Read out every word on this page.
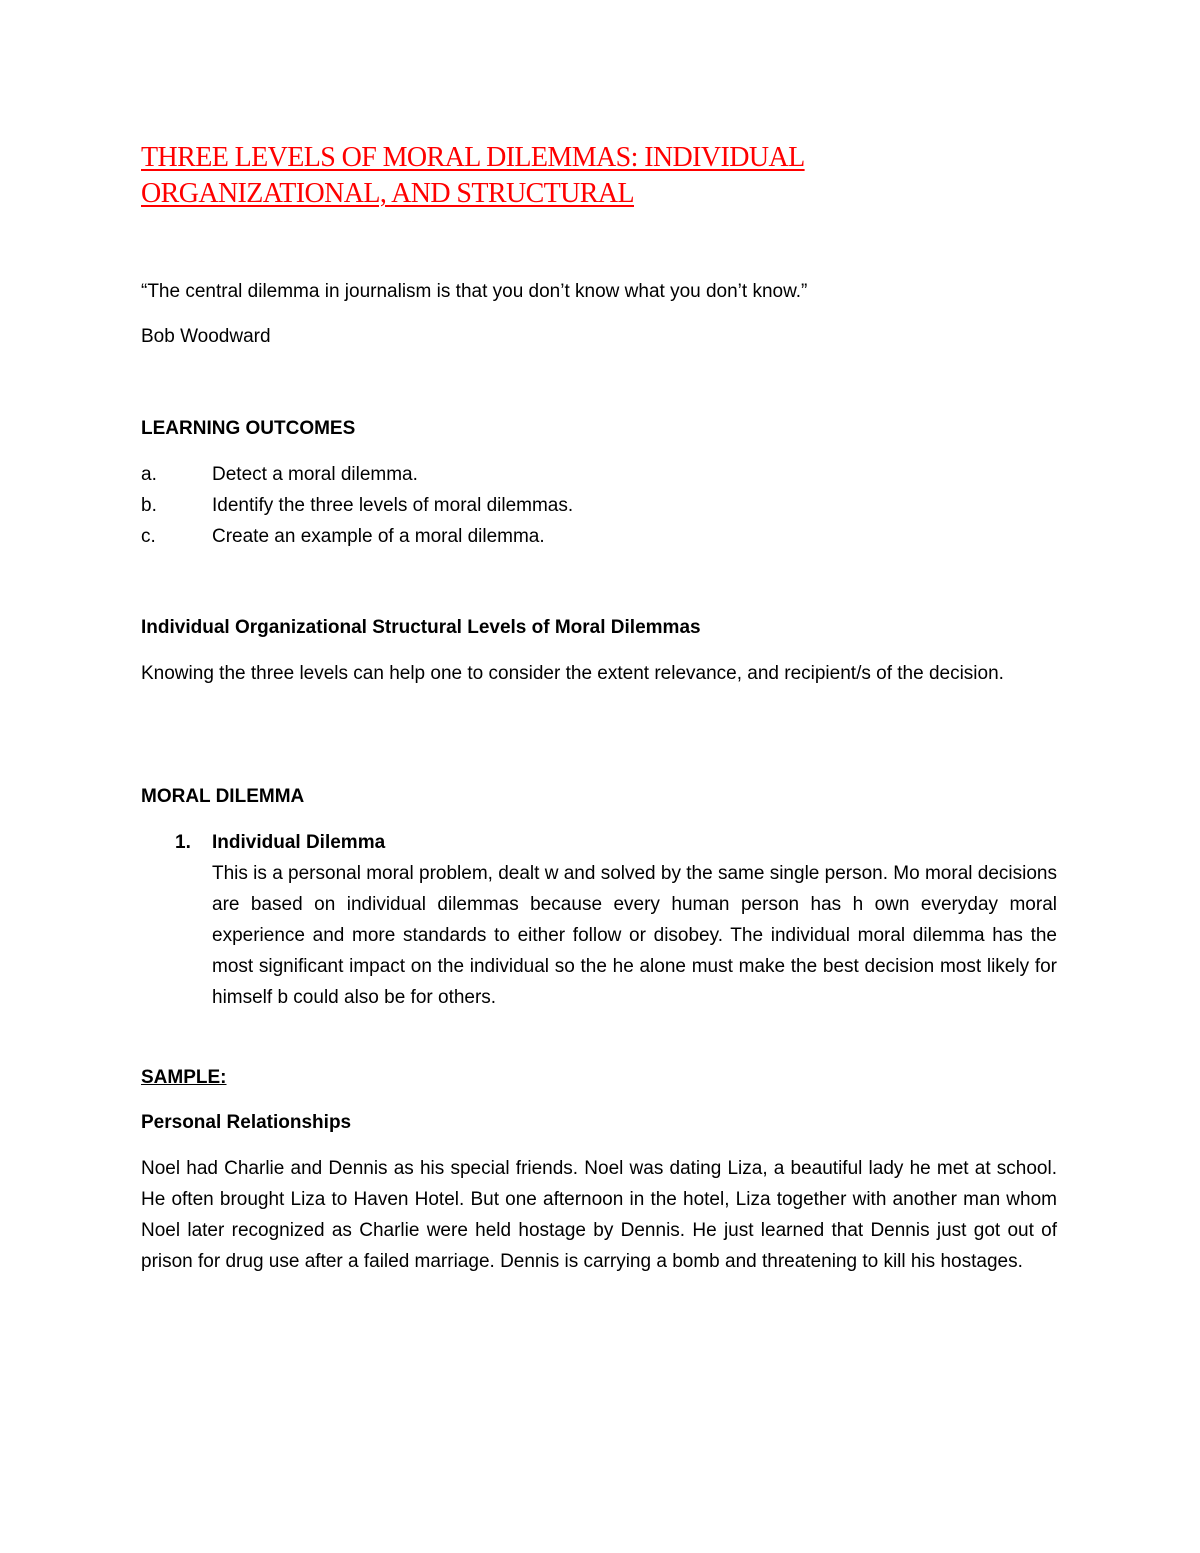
THREE LEVELS OF MORAL DILEMMAS: INDIVIDUAL
ORGANIZATIONAL, AND STRUCTURAL

“The central dilemma in journalism is that you don’t know what you don’t know.”

Bob Woodward

LEARNING OUTCOMES

a.	Detect a moral dilemma.
b.	Identify the three levels of moral dilemmas.
c.	Create an example of a moral dilemma.

Individual Organizational Structural Levels of Moral Dilemmas

Knowing the three levels can help one to consider the extent relevance, and recipient/s of the decision.

MORAL DILEMMA

1. Individual Dilemma

This is a personal moral problem, dealt w and solved by the same single person. Mo moral decisions are based on individual dilemmas because every human person has h own everyday moral experience and more standards to either follow or disobey. The individual moral dilemma has the most significant impact on the individual so the he alone must make the best decision most likely for himself b could also be for others.

SAMPLE:

Personal Relationships

Noel had Charlie and Dennis as his special friends. Noel was dating Liza, a beautiful lady he met at school. He often brought Liza to Haven Hotel. But one afternoon in the hotel, Liza together with another man whom Noel later recognized as Charlie were held hostage by Dennis. He just learned that Dennis just got out of prison for drug use after a failed marriage. Dennis is carrying a bomb and threatening to kill his hostages.
